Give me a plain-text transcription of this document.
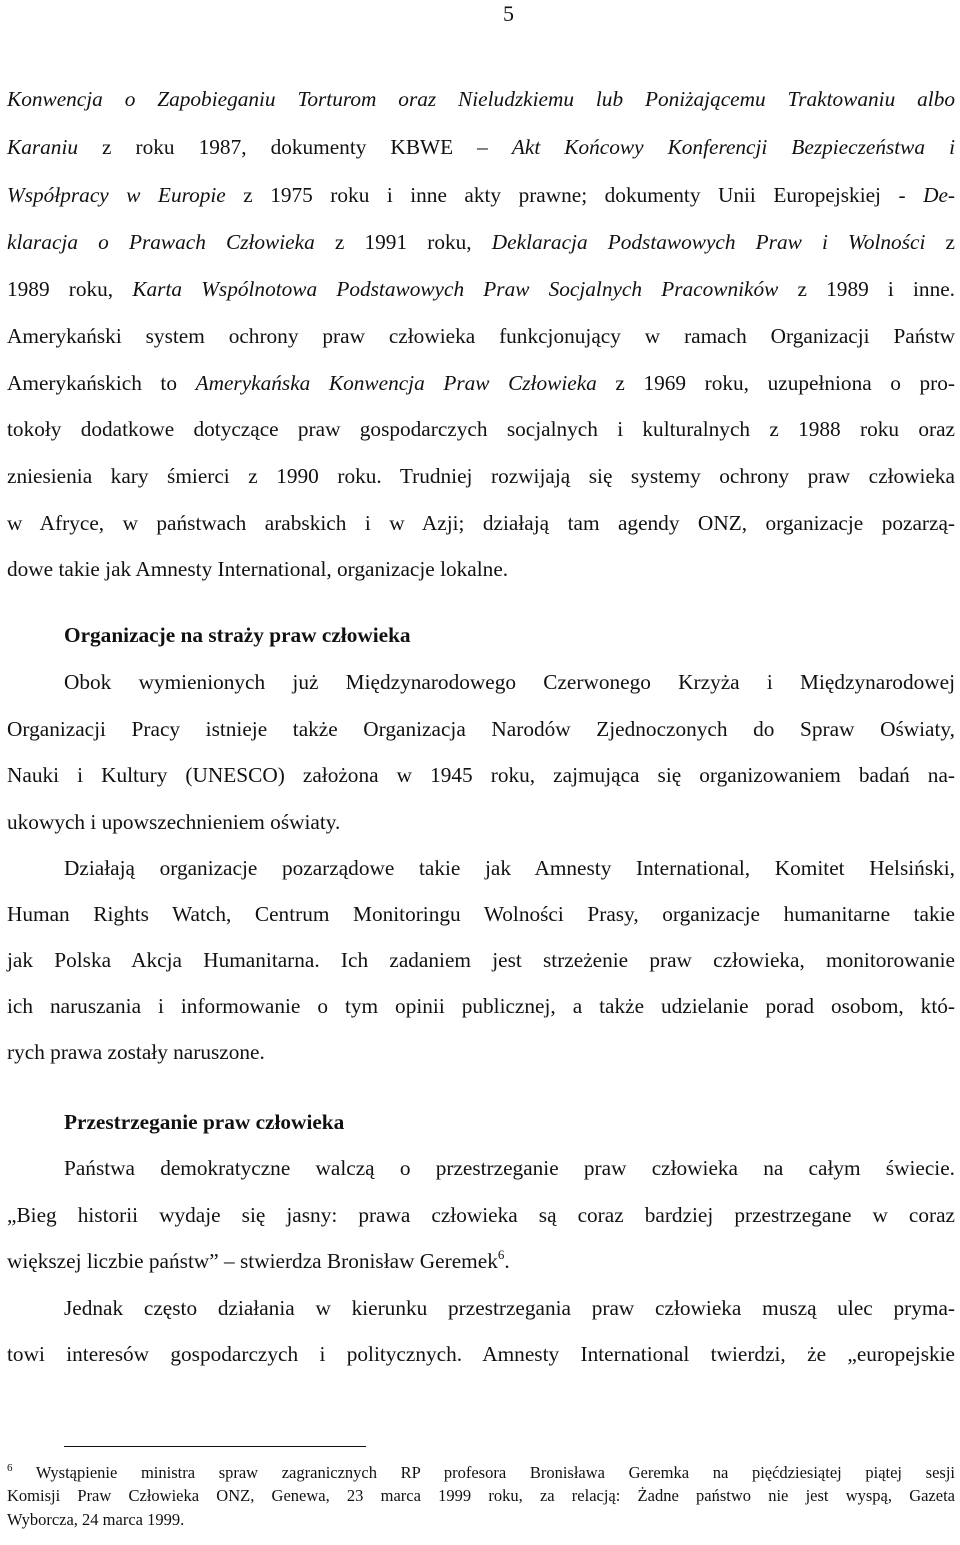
5
Konwencja o Zapobieganiu Torturom oraz Nieludzkiemu lub Poniżającemu Traktowaniu albo
Karaniu z roku 1987, dokumenty KBWE – Akt Końcowy Konferencji Bezpieczeństwa i
Współpracy w Europie z 1975 roku i inne akty prawne; dokumenty Unii Europejskiej - De-
klaracja o Prawach Człowieka z 1991 roku, Deklaracja Podstawowych Praw i Wolności z
1989 roku, Karta Wspólnotowa Podstawowych Praw Socjalnych Pracowników z 1989 i inne.
Amerykański system ochrony praw człowieka funkcjonujący w ramach Organizacji Państw
Amerykańskich to Amerykańska Konwencja Praw Człowieka z 1969 roku, uzupełniona o pro-
tokoły dodatkowe dotyczące praw gospodarczych socjalnych i kulturalnych z 1988 roku oraz
zniesienia kary śmierci z 1990 roku. Trudniej rozwijają się systemy ochrony praw człowieka
w Afryce, w państwach arabskich i w Azji; działają tam agendy ONZ, organizacje pozarzą-
dowe takie jak Amnesty International, organizacje lokalne.
Organizacje na straży praw człowieka
Obok wymienionych już Międzynarodowego Czerwonego Krzyża i Międzynarodowej
Organizacji Pracy istnieje także Organizacja Narodów Zjednoczonych do Spraw Oświaty,
Nauki i Kultury (UNESCO) założona w 1945 roku, zajmująca się organizowaniem badań na-
ukowych i upowszechnieniem oświaty.
Działają organizacje pozarządowe takie jak Amnesty International, Komitet Helsiński,
Human Rights Watch, Centrum Monitoringu Wolności Prasy, organizacje humanitarne takie
jak Polska Akcja Humanitarna. Ich zadaniem jest strzeżenie praw człowieka, monitorowanie
ich naruszania i informowanie o tym opinii publicznej, a także udzielanie porad osobom, któ-
rych prawa zostały naruszone.
Przestrzeganie praw człowieka
Państwa demokratyczne walczą o przestrzeganie praw człowieka na całym świecie.
„Bieg historii wydaje się jasny: prawa człowieka są coraz bardziej przestrzegane w coraz
większej liczbie państw” – stwierdza Bronisław Geremek$^6$.
Jednak często działania w kierunku przestrzegania praw człowieka muszą ulec pryma-
towi interesów gospodarczych i politycznych. Amnesty International twierdzi, że „europejskie
$^6$ Wystąpienie ministra spraw zagranicznych RP profesora Bronisława Geremka na pięćdziesiątej piątej sesji
Komisji Praw Człowieka ONZ, Genewa, 23 marca 1999 roku, za relacją: Żadne państwo nie jest wyspą, Gazeta
Wyborcza, 24 marca 1999.
